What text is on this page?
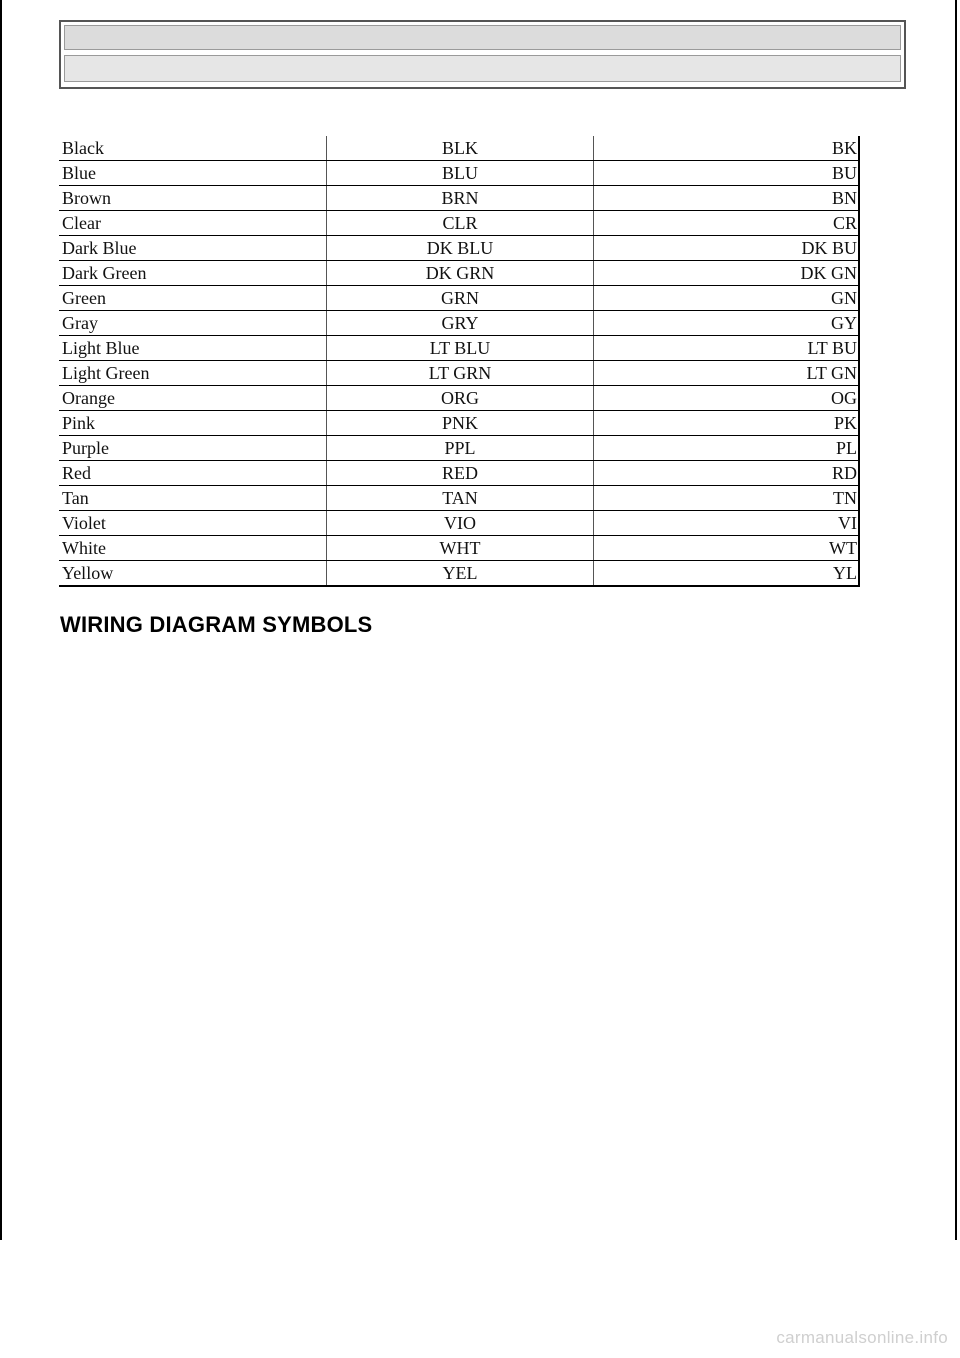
Black	BLK	BK
Blue	BLU	BU
Brown	BRN	BN
Clear	CLR	CR
Dark Blue	DK BLU	DK BU
Dark Green	DK GRN	DK GN
Green	GRN	GN
Gray	GRY	GY
Light Blue	LT BLU	LT BU
Light Green	LT GRN	LT GN
Orange	ORG	OG
Pink	PNK	PK
Purple	PPL	PL
Red	RED	RD
Tan	TAN	TN
Violet	VIO	VI
White	WHT	WT
Yellow	YEL	YL
WIRING DIAGRAM SYMBOLS
carmanualsonline.info
